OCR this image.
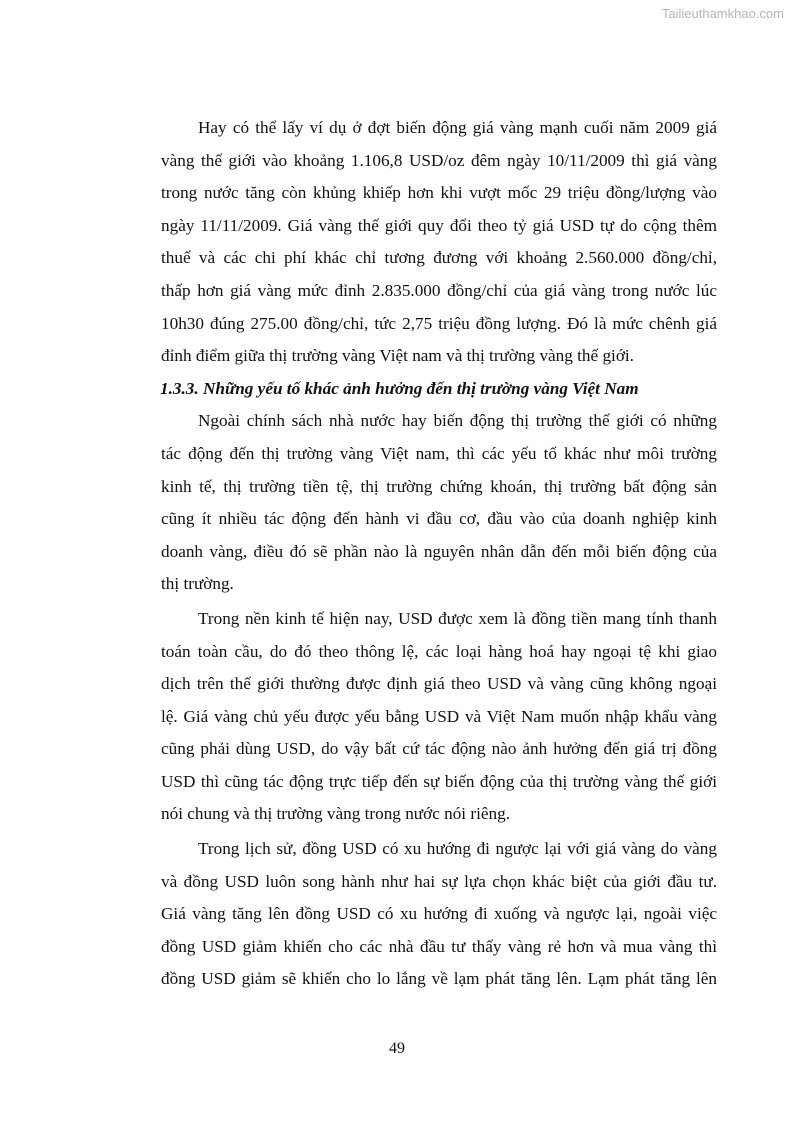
Tailieuthamkhao.com
Hay có thể lấy ví dụ ở đợt biến động giá vàng mạnh cuối năm 2009 giá
vàng thế giới vào khoảng 1.106,8 USD/oz đêm ngày 10/11/2009 thì giá vàng
trong nước tăng còn khủng khiếp hơn khi vượt mốc 29 triệu đồng/lượng vào
ngày 11/11/2009. Giá vàng thế giới quy đổi theo tỷ giá USD tự do cộng thêm
thuế và các chi phí khác chỉ tương đương với khoảng 2.560.000 đồng/chỉ,
thấp hơn giá vàng mức đỉnh 2.835.000 đồng/chỉ của giá vàng trong nước lúc
10h30 đúng 275.00 đồng/chỉ, tức 2,75 triệu đồng lượng. Đó là mức chênh giá
đỉnh điểm giữa thị trường vàng Việt nam và thị trường vàng thế giới.
1.3.3. Những yếu tố khác ảnh hưởng đến thị trường vàng Việt Nam
Ngoài chính sách nhà nước hay biến động thị trường thế giới có những
tác động đến thị trường vàng Việt nam, thì các yếu tố khác như môi trường
kinh tế, thị trường tiền tệ, thị trường chứng khoán, thị trường bất động sản
cũng ít nhiều tác động đến hành vi đầu cơ, đầu vào của doanh nghiệp kinh
doanh vàng, điều đó sẽ phần nào là nguyên nhân dẫn đến mỗi biến động của
thị trường.
Trong nền kinh tế hiện nay, USD được xem là đồng tiền mang tính thanh
toán toàn cầu, do đó theo thông lệ, các loại hàng hoá hay ngoại tệ khi giao
dịch trên thế giới thường được định giá theo USD và vàng cũng không ngoại
lệ. Giá vàng chủ yếu được yếu bằng USD và Việt Nam muốn nhập khẩu vàng
cũng phải dùng USD, do vậy bất cứ tác động nào ảnh hưởng đến giá trị đồng
USD thì cũng tác động trực tiếp đến sự biến động của thị trường vàng thế giới
nói chung và thị trường vàng trong nước nói riêng.
Trong lịch sử, đồng USD có xu hướng đi ngược lại với giá vàng do vàng
và đồng USD luôn song hành như hai sự lựa chọn khác biệt của giới đầu tư.
Giá vàng tăng lên đồng USD có xu hướng đi xuống và ngược lại, ngoài việc
đồng USD giảm khiến cho các nhà đầu tư thấy vàng rẻ hơn và mua vàng thì
đồng USD giảm sẽ khiến cho lo lắng về lạm phát tăng lên. Lạm phát tăng lên
49
